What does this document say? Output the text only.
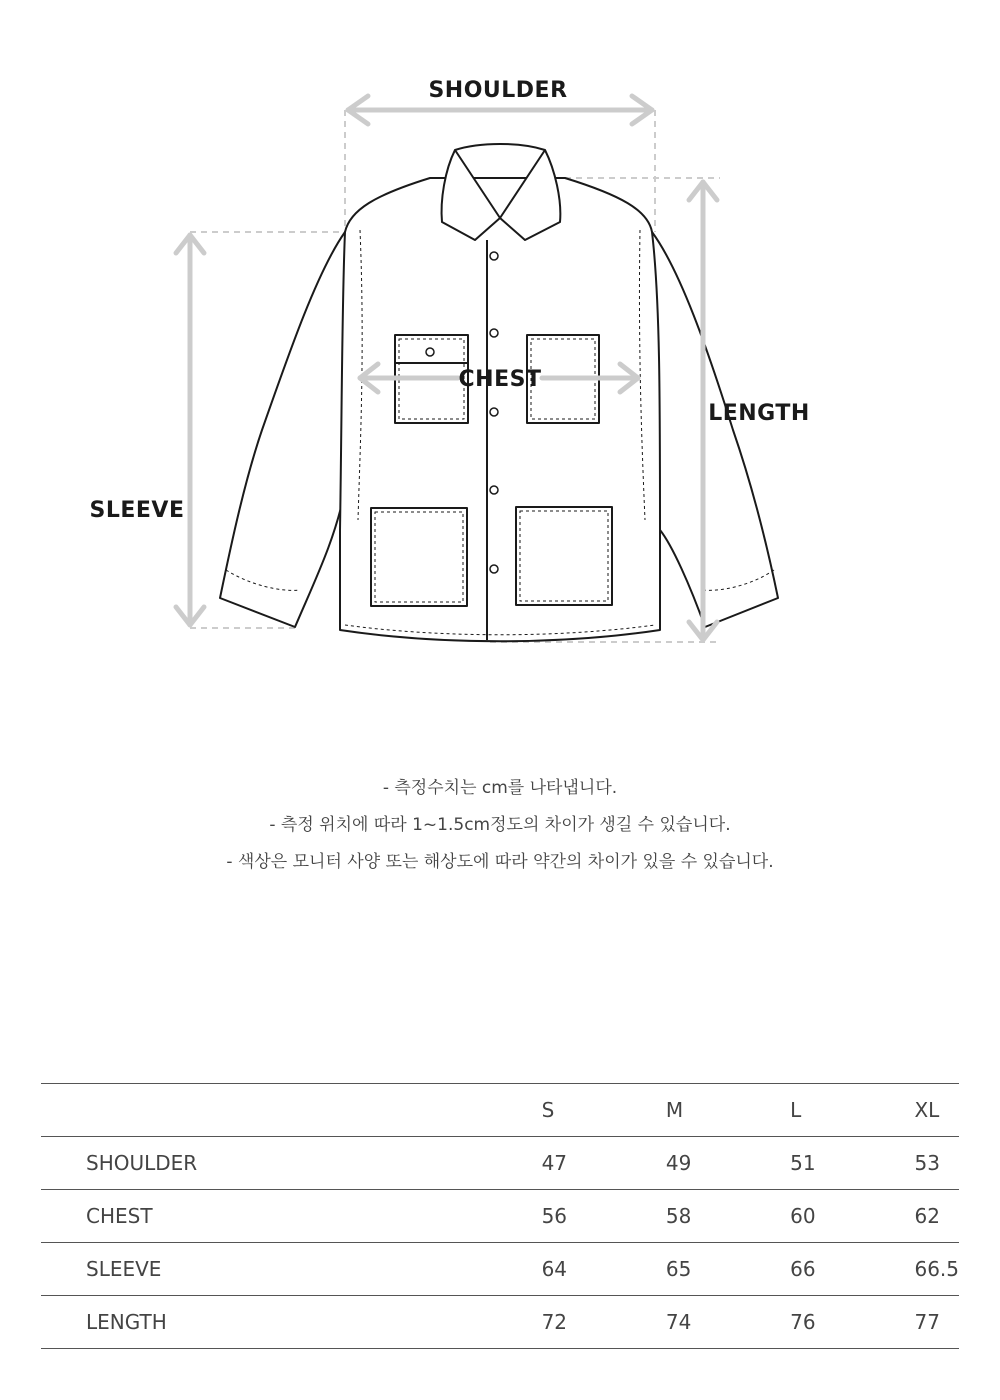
SHOULDER
CHEST
LENGTH
SLEEVE
- 측정수치는 cm를 나타냅니다.
- 측정 위치에 따라 1~1.5cm정도의 차이가 생길 수 있습니다.
- 색상은 모니터 사양 또는 해상도에 따라 약간의 차이가 있을 수 있습니다.
	S	M	L	XL
SHOULDER	47	49	51	53
CHEST	56	58	60	62
SLEEVE	64	65	66	66.5
LENGTH	72	74	76	77
